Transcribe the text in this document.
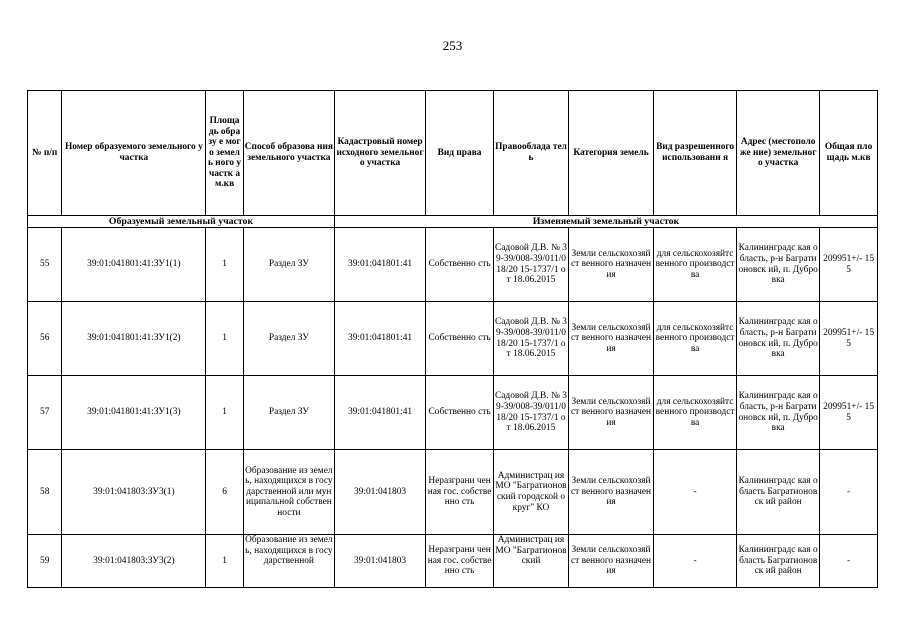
253
№ п/п	Номер образуемого земельного участка	Площа дь образу е мого земель ного участк а м.кв	Способ образова ния земельного участка	Кадастровый номер исходного земельного участка	Вид права	Правооблада тель	Категория земель	Вид разрешенного использовани я	Адрес (местоположе ние) земельного участка	Общая площадь м.кв
Образуемый земельный участок				Изменяемый земельный участок						
55	39:01:041801:41:ЗУ1(1)	1	Раздел ЗУ	39:01:041801:41	Собственно сть	Садовой Д.В. № 39-39/008-39/011/018/20 15-1737/1 от 18.06.2015	Земли сельскохозяйст венного назначения	для сельскохозяйтс венного производства	Калининградс кая область, р-н Багратионовск ий, п. Дубровка	209951+/- 155
56	39:01:041801:41:ЗУ1(2)	1	Раздел ЗУ	39:01:041801:41	Собственно сть	Садовой Д.В. № 39-39/008-39/011/018/20 15-1737/1 от 18.06.2015	Земли сельскохозяйст венного назначения	для сельскохозяйтс венного производства	Калининградс кая область, р-н Багратионовск ий, п. Дубровка	209951+/- 155
57	39:01:041801:41:ЗУ1(3)	1	Раздел ЗУ	39:01:041801:41	Собственно сть	Садовой Д.В. № 39-39/008-39/011/018/20 15-1737/1 от 18.06.2015	Земли сельскохозяйст венного назначения	для сельскохозяйтс венного производства	Калининградс кая область, р-н Багратионовск ий, п. Дубровка	209951+/- 155
58	39:01:041803:ЗУ3(1)	6	Образование из земель, находящихся в государственной или муниципальной собственности	39:01:041803	Неразграни ченная гос. собственно сть	Администрац ия МО "Багратионов ский городской округ" КО	Земли сельскохозяйст венного назначения	-	Калининградс кая область Багратионовск ий район	-
59	39:01:041803:ЗУ3(2)	1	Образование из земель, находящихся в государственной	39:01:041803	Неразграни ченная гос. собственно сть	Администрац ия МО "Багратионов ский	Земли сельскохозяйст венного назначения	-	Калининградс кая область Багратионовск ий район	-
